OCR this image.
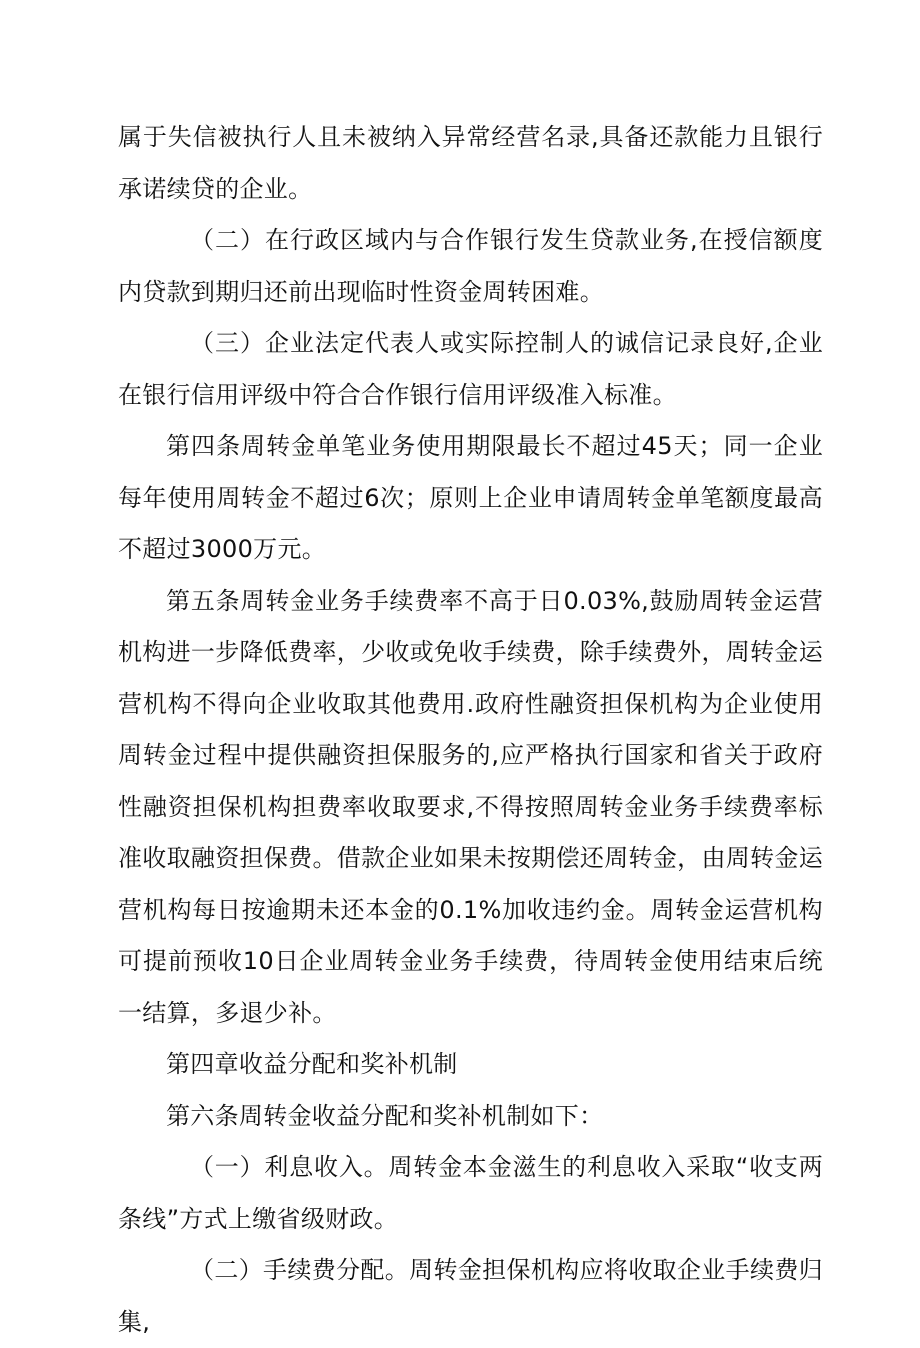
属于失信被执行人且未被纳入异常经营名录,具备还款能力且银行承诺续贷的企业。

（二）在行政区域内与合作银行发生贷款业务,在授信额度内贷款到期归还前出现临时性资金周转困难。

（三）企业法定代表人或实际控制人的诚信记录良好,企业在银行信用评级中符合合作银行信用评级准入标准。

第四条周转金单笔业务使用期限最长不超过45天；同一企业每年使用周转金不超过6次；原则上企业申请周转金单笔额度最高不超过3000万元。

第五条周转金业务手续费率不高于日0.03%,鼓励周转金运营机构进一步降低费率，少收或免收手续费，除手续费外，周转金运营机构不得向企业收取其他费用.政府性融资担保机构为企业使用周转金过程中提供融资担保服务的,应严格执行国家和省关于政府性融资担保机构担费率收取要求,不得按照周转金业务手续费率标准收取融资担保费。借款企业如果未按期偿还周转金，由周转金运营机构每日按逾期未还本金的0.1%加收违约金。周转金运营机构可提前预收10日企业周转金业务手续费，待周转金使用结束后统一结算，多退少补。

第四章收益分配和奖补机制

第六条周转金收益分配和奖补机制如下：

（一）利息收入。周转金本金滋生的利息收入采取“收支两条线”方式上缴省级财政。

（二）手续费分配。周转金担保机构应将收取企业手续费归集,
